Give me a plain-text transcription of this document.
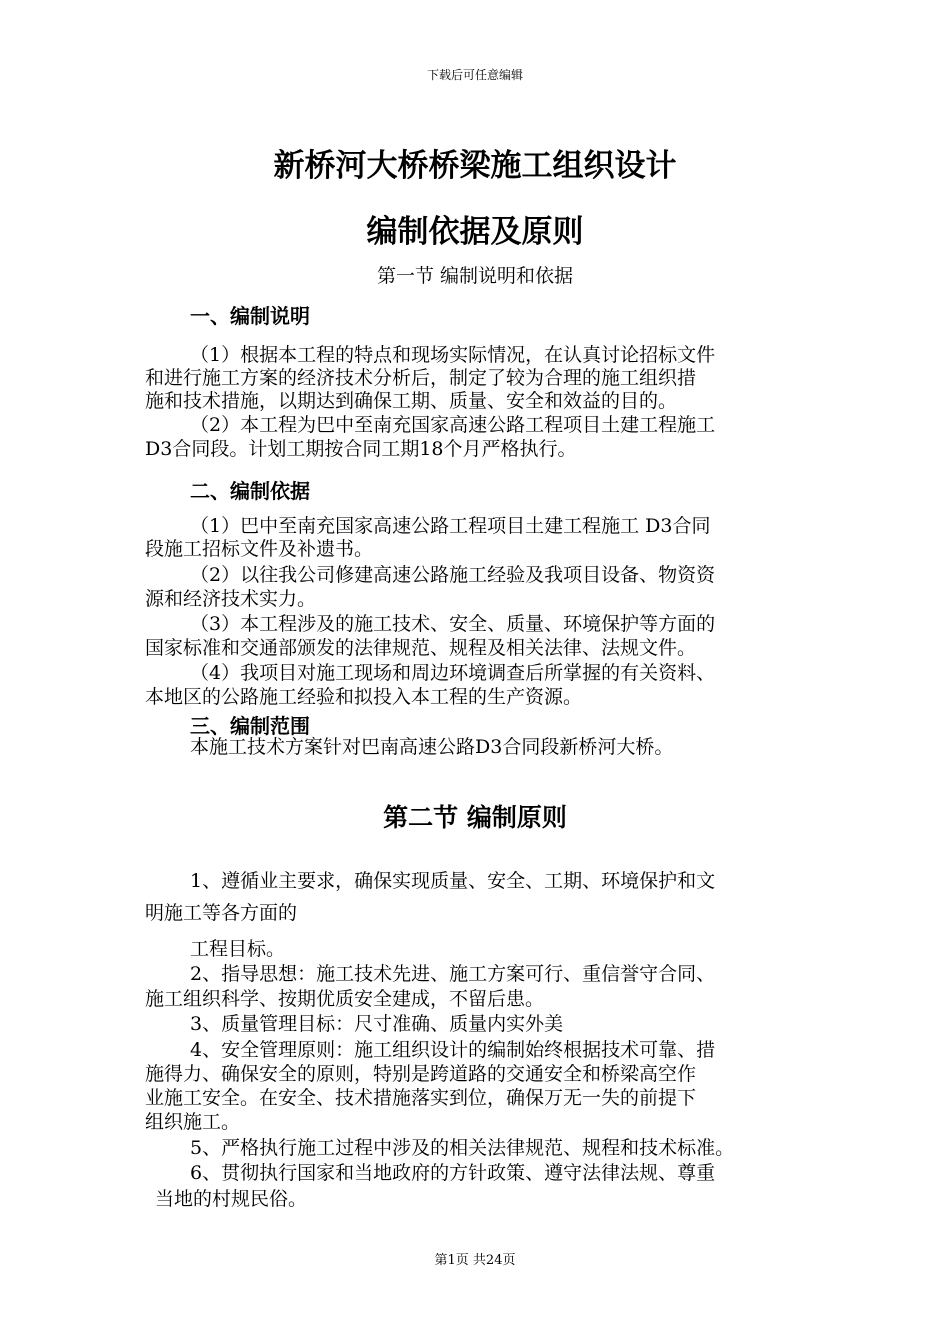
下载后可任意编辑
新桥河大桥桥梁施工组织设计
编制依据及原则
第一节 编制说明和依据
一、编制说明
（1）根据本工程的特点和现场实际情况，在认真讨论招标文件
和进行施工方案的经济技术分析后，制定了较为合理的施工组织措
施和技术措施，以期达到确保工期、质量、安全和效益的目的。
（2）本工程为巴中至南充国家高速公路工程项目土建工程施工
D3合同段。计划工期按合同工期18个月严格执行。
二、编制依据
（1）巴中至南充国家高速公路工程项目土建工程施工 D3合同
段施工招标文件及补遗书。
（2）以往我公司修建高速公路施工经验及我项目设备、物资资
源和经济技术实力。
（3）本工程涉及的施工技术、安全、质量、环境保护等方面的
国家标准和交通部颁发的法律规范、规程及相关法律、法规文件。
（4）我项目对施工现场和周边环境调查后所掌握的有关资料、
本地区的公路施工经验和拟投入本工程的生产资源。
三、编制范围
本施工技术方案针对巴南高速公路D3合同段新桥河大桥。
第二节 编制原则
1、遵循业主要求，确保实现质量、安全、工期、环境保护和文
明施工等各方面的
工程目标。
2、指导思想：施工技术先进、施工方案可行、重信誉守合同、
施工组织科学、按期优质安全建成，不留后患。
3、质量管理目标：尺寸准确、质量内实外美
4、安全管理原则：施工组织设计的编制始终根据技术可靠、措
施得力、确保安全的原则，特别是跨道路的交通安全和桥梁高空作
业施工安全。在安全、技术措施落实到位，确保万无一失的前提下
组织施工。
5、严格执行施工过程中涉及的相关法律规范、规程和技术标准。
6、贯彻执行国家和当地政府的方针政策、遵守法律法规、尊重
当地的村规民俗。
第1页 共24页
